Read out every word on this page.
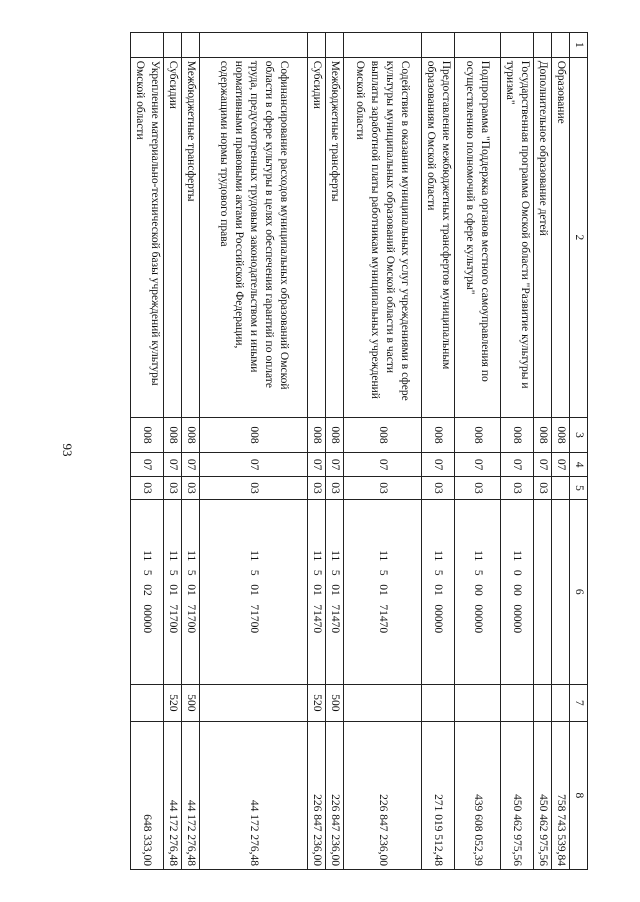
93
1	2	3	4	5	6	7	8
	Образование	008	07				758 743 539,84
	Дополнительное образование детей	008	07	03			450 462 975,56
	Государственная программа Омской области "Развитие культуры и туризма"	008	07	03	11   0   00   00000		450 462 975,56
	Подпрограмма "Поддержка органов местного самоуправления по осуществлению полномочий в сфере культуры"	008	07	03	11   5   00   00000		439 608 052,39
	Предоставление межбюджетных трансфертов муниципальным образованиям Омской области	008	07	03	11   5   01   00000		271 019 512,48
	Содействие в оказании муниципальных услуг учреждениями в сфере культуры муниципальных образований Омской области в части выплаты заработной платы работникам муниципальных учреждений Омской области	008	07	03	11   5   01   71470		226 847 236,00
	Межбюджетные трансферты	008	07	03	11   5   01   71470	500	226 847 236,00
	Субсидии	008	07	03	11   5   01   71470	520	226 847 236,00
	Софинансирование расходов муниципальных образований Омской области в сфере культуры в целях обеспечения гарантий по оплате труда, предусмотренных трудовым законодательством и иными нормативными правовыми актами Российской Федерации, содержащими нормы трудового права	008	07	03	11   5   01   71700		44 172 276,48
	Межбюджетные трансферты	008	07	03	11   5   01   71700	500	44 172 276,48
	Субсидии	008	07	03	11   5   01   71700	520	44 172 276,48
	Укрепление материально-технической базы учреждений культуры Омской области	008	07	03	11   5   02   00000		648 333,00
